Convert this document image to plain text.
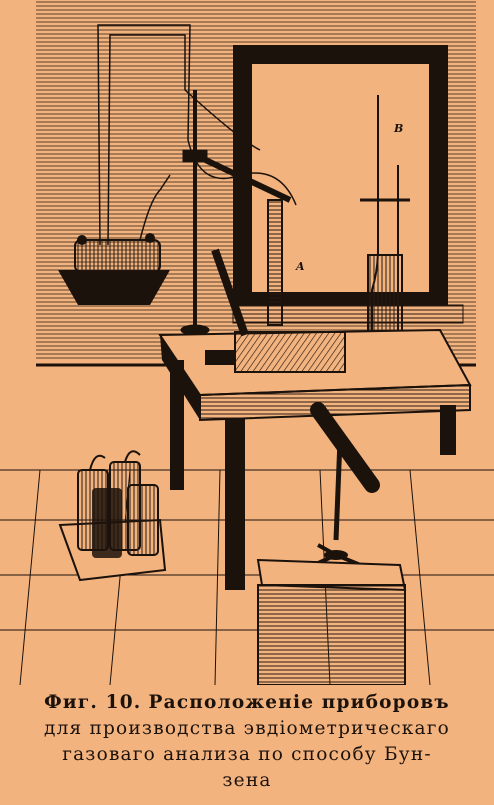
A
B
Фиг. 10. Расположеніе приборовъ
для производства эвдіометрическаго
газоваго анализа по способу Бун-
зена
